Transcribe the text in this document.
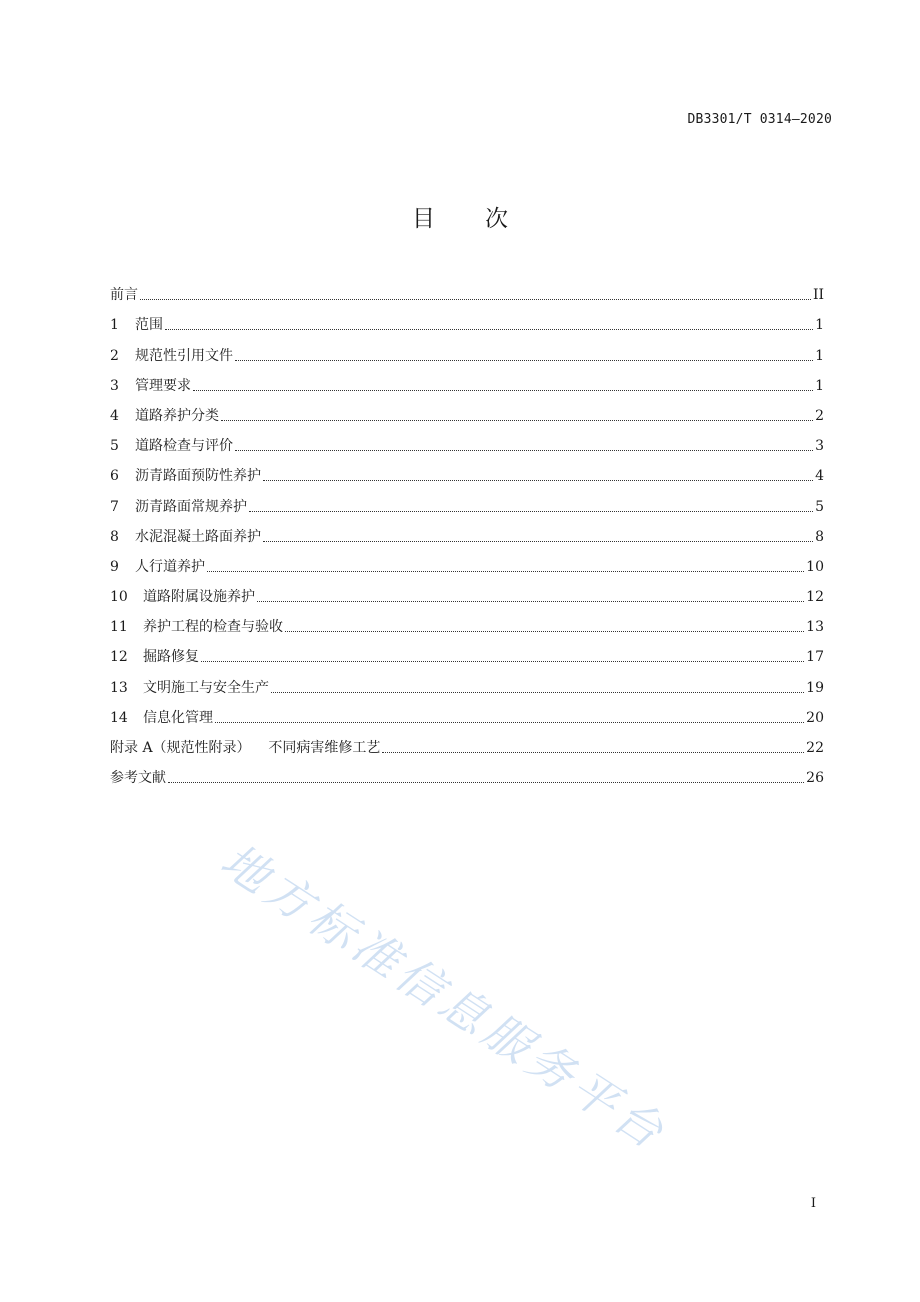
DB3301/T 0314—2020
目 次
前言	II
1	范围	1
2	规范性引用文件	1
3	管理要求	1
4	道路养护分类	2
5	道路检查与评价	3
6	沥青路面预防性养护	4
7	沥青路面常规养护	5
8	水泥混凝土路面养护	8
9	人行道养护	10
10	道路附属设施养护	12
11	养护工程的检查与验收	13
12	掘路修复	17
13	文明施工与安全生产	19
14	信息化管理	20
附录 A（规范性附录）    不同病害维修工艺	22
参考文献	26
地方标准信息服务平台
I
